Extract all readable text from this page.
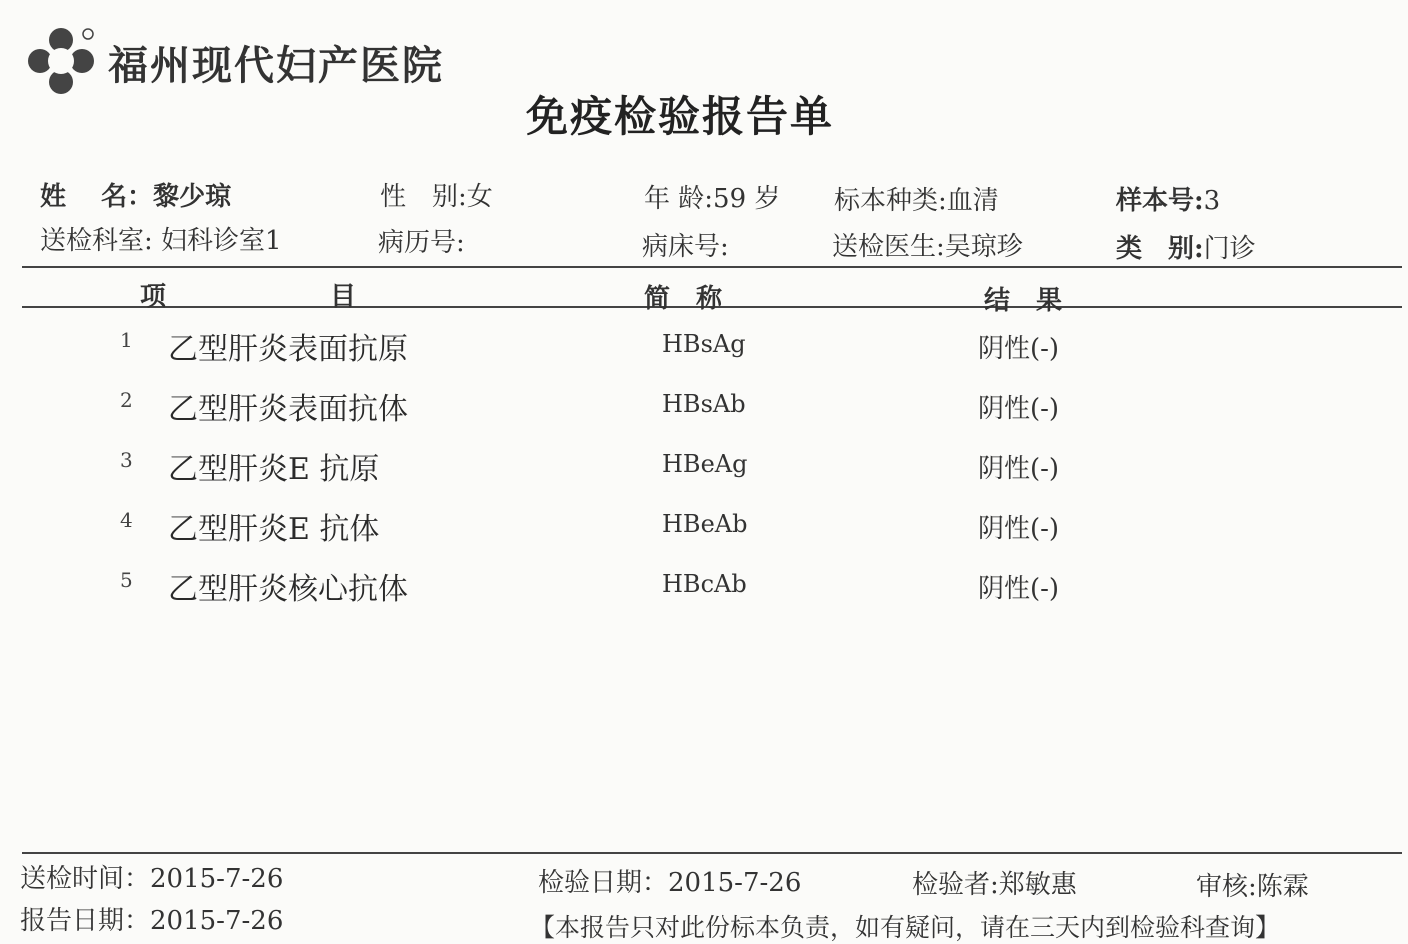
福州现代妇产医院
免疫检验报告单
姓　 名：黎少琼	性　别:女	年 龄:59 岁 标本种类:血清	样本号:3
送检科室: 妇科诊室1	病历号:	病床号:	送检医生:吴琼珍	类　别:门诊
项	目	简　称	结　果
1 乙型肝炎表面抗原	HBsAg	阴性(-)
2 乙型肝炎表面抗体	HBsAb	阴性(-)
3 乙型肝炎E 抗原	HBeAg	阴性(-)
4 乙型肝炎E 抗体	HBeAb	阴性(-)
5 乙型肝炎核心抗体	HBcAb	阴性(-)
送检时间：2015-7-26
报告日期：2015-7-26
检验日期：2015-7-26	检验者:郑敏惠	审核:陈霖
【本报告只对此份标本负责，如有疑问，请在三天内到检验科查询】
